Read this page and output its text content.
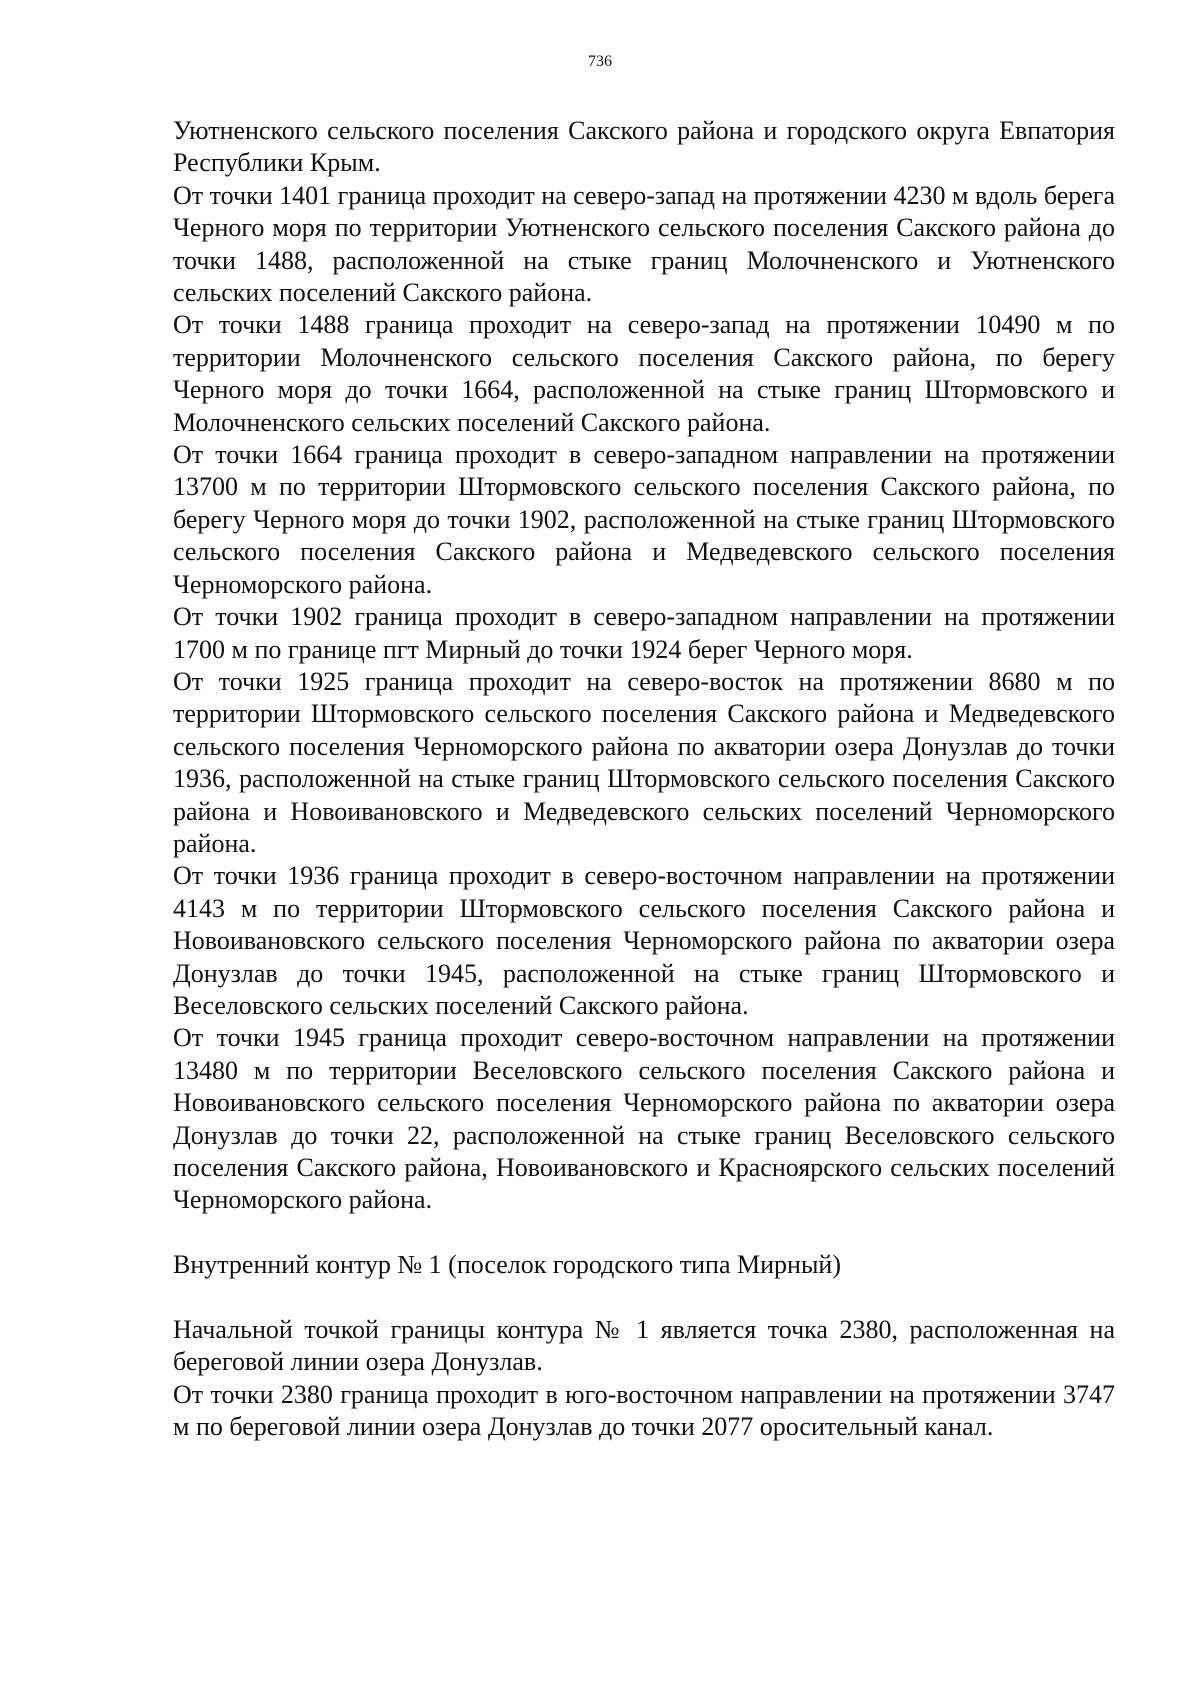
736

Уютненского сельского поселения Сакского района и городского округа Евпатория Республики Крым.

От точки 1401 граница проходит на северо-запад на протяжении 4230 м вдоль берега Черного моря по территории Уютненского сельского поселения Сакского района до точки 1488, расположенной на стыке границ Молочненского и Уютненского сельских поселений Сакского района.

От точки 1488 граница проходит на северо-запад на протяжении 10490 м по территории Молочненского сельского поселения Сакского района, по берегу Черного моря до точки 1664, расположенной на стыке границ Штормовского и Молочненского сельских поселений Сакского района.

От точки 1664 граница проходит в северо-западном направлении на протяжении 13700 м по территории Штормовского сельского поселения Сакского района, по берегу Черного моря до точки 1902, расположенной на стыке границ Штормовского сельского поселения Сакского района и Медведевского сельского поселения Черноморского района.

От точки 1902 граница проходит в северо-западном направлении на протяжении 1700 м по границе пгт Мирный до точки 1924 берег Черного моря.

От точки 1925 граница проходит на северо-восток на протяжении 8680 м по территории Штормовского сельского поселения Сакского района и Медведевского сельского поселения Черноморского района по акватории озера Донузлав до точки 1936, расположенной на стыке границ Штормовского сельского поселения Сакского района и Новоивановского и Медведевского сельских поселений Черноморского района.

От точки 1936 граница проходит в северо-восточном направлении на протяжении 4143 м по территории Штормовского сельского поселения Сакского района и Новоивановского сельского поселения Черноморского района по акватории озера Донузлав до точки 1945, расположенной на стыке границ Штормовского и Веселовского сельских поселений Сакского района.

От точки 1945 граница проходит северо-восточном направлении на протяжении 13480 м по территории Веселовского сельского поселения Сакского района и Новоивановского сельского поселения Черноморского района по акватории озера Донузлав до точки 22, расположенной на стыке границ Веселовского сельского поселения Сакского района, Новоивановского и Красноярского сельских поселений Черноморского района.

Внутренний контур № 1 (поселок городского типа Мирный)

Начальной точкой границы контура № 1 является точка 2380, расположенная на береговой линии озера Донузлав.

От точки 2380 граница проходит в юго-восточном направлении на протяжении 3747 м по береговой линии озера Донузлав до точки 2077 оросительный канал.
